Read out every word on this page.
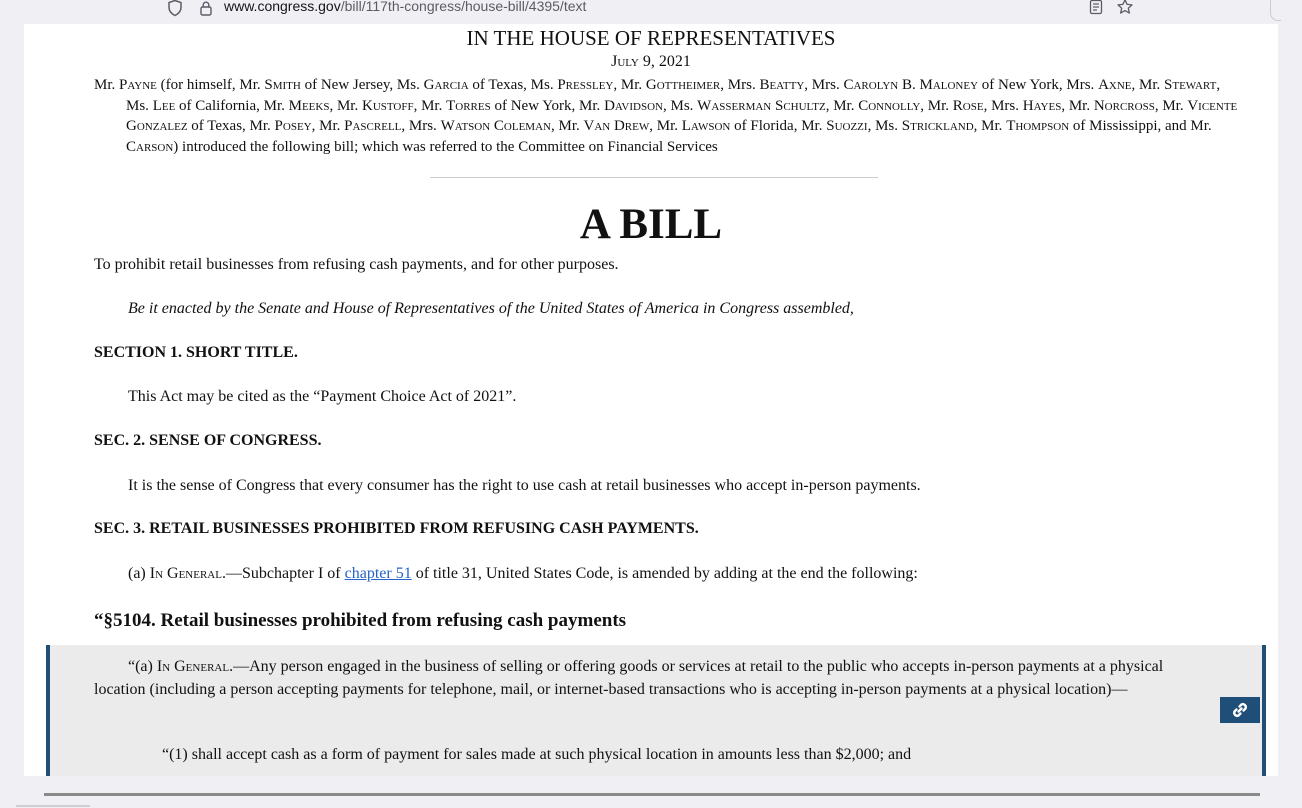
www.congress.gov/bill/117th-congress/house-bill/4395/text
IN THE HOUSE OF REPRESENTATIVES
July 9, 2021
Mr. Payne (for himself, Mr. Smith of New Jersey, Ms. Garcia of Texas, Ms. Pressley, Mr. Gottheimer, Mrs. Beatty, Mrs. Carolyn B. Maloney of New York, Mrs. Axne, Mr. Stewart, Ms. Lee of California, Mr. Meeks, Mr. Kustoff, Mr. Torres of New York, Mr. Davidson, Ms. Wasserman Schultz, Mr. Connolly, Mr. Rose, Mrs. Hayes, Mr. Norcross, Mr. Vicente Gonzalez of Texas, Mr. Posey, Mr. Pascrell, Mrs. Watson Coleman, Mr. Van Drew, Mr. Lawson of Florida, Mr. Suozzi, Ms. Strickland, Mr. Thompson of Mississippi, and Mr. Carson) introduced the following bill; which was referred to the Committee on Financial Services
A BILL
To prohibit retail businesses from refusing cash payments, and for other purposes.
Be it enacted by the Senate and House of Representatives of the United States of America in Congress assembled,
SECTION 1. SHORT TITLE.
This Act may be cited as the “Payment Choice Act of 2021”.
SEC. 2. SENSE OF CONGRESS.
It is the sense of Congress that every consumer has the right to use cash at retail businesses who accept in-person payments.
SEC. 3. RETAIL BUSINESSES PROHIBITED FROM REFUSING CASH PAYMENTS.
(a) In General.—Subchapter I of chapter 51 of title 31, United States Code, is amended by adding at the end the following:
“§5104. Retail businesses prohibited from refusing cash payments
“(a) In General.—Any person engaged in the business of selling or offering goods or services at retail to the public who accepts in-person payments at a physical location (including a person accepting payments for telephone, mail, or internet-based transactions who is accepting in-person payments at a physical location)—
“(1) shall accept cash as a form of payment for sales made at such physical location in amounts less than $2,000; and
